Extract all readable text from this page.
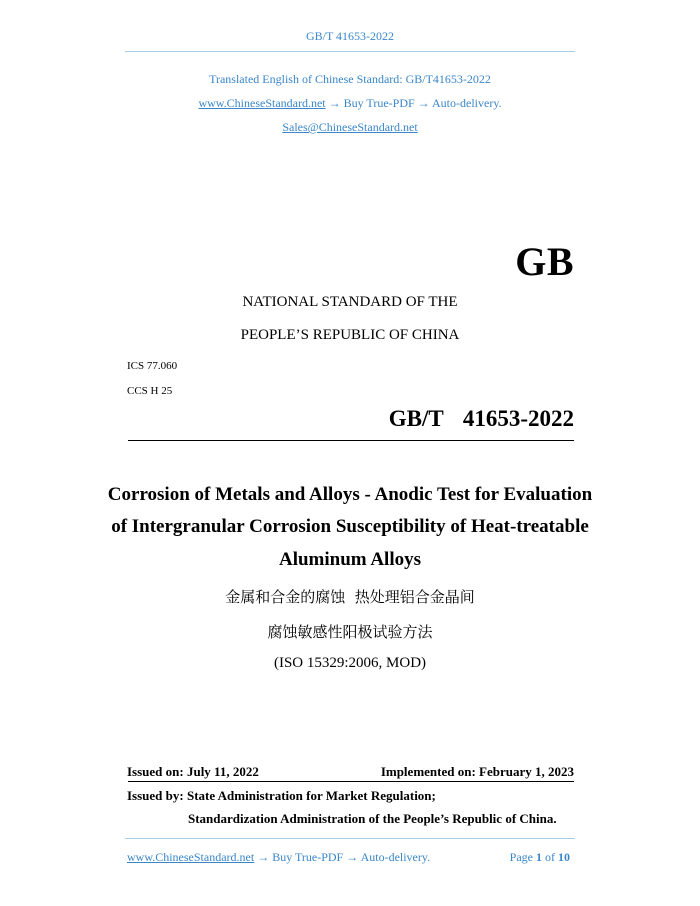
GB/T 41653-2022
Translated English of Chinese Standard: GB/T41653-2022
www.ChineseStandard.net → Buy True-PDF → Auto-delivery.
Sales@ChineseStandard.net
GB
NATIONAL STANDARD OF THE
PEOPLE’S REPUBLIC OF CHINA
ICS 77.060
CCS H 25
GB/T  41653-2022
Corrosion of Metals and Alloys - Anodic Test for Evaluation
of Intergranular Corrosion Susceptibility of Heat-treatable
Aluminum Alloys
金属和合金的腐蚀  热处理铝合金晶间
腐蚀敏感性阳极试验方法
(ISO 15329:2006, MOD)
Issued on: July 11, 2022	Implemented on: February 1, 2023
Issued by: State Administration for Market Regulation;
Standardization Administration of the People’s Republic of China.
www.ChineseStandard.net → Buy True-PDF → Auto-delivery.	Page 1 of 10
